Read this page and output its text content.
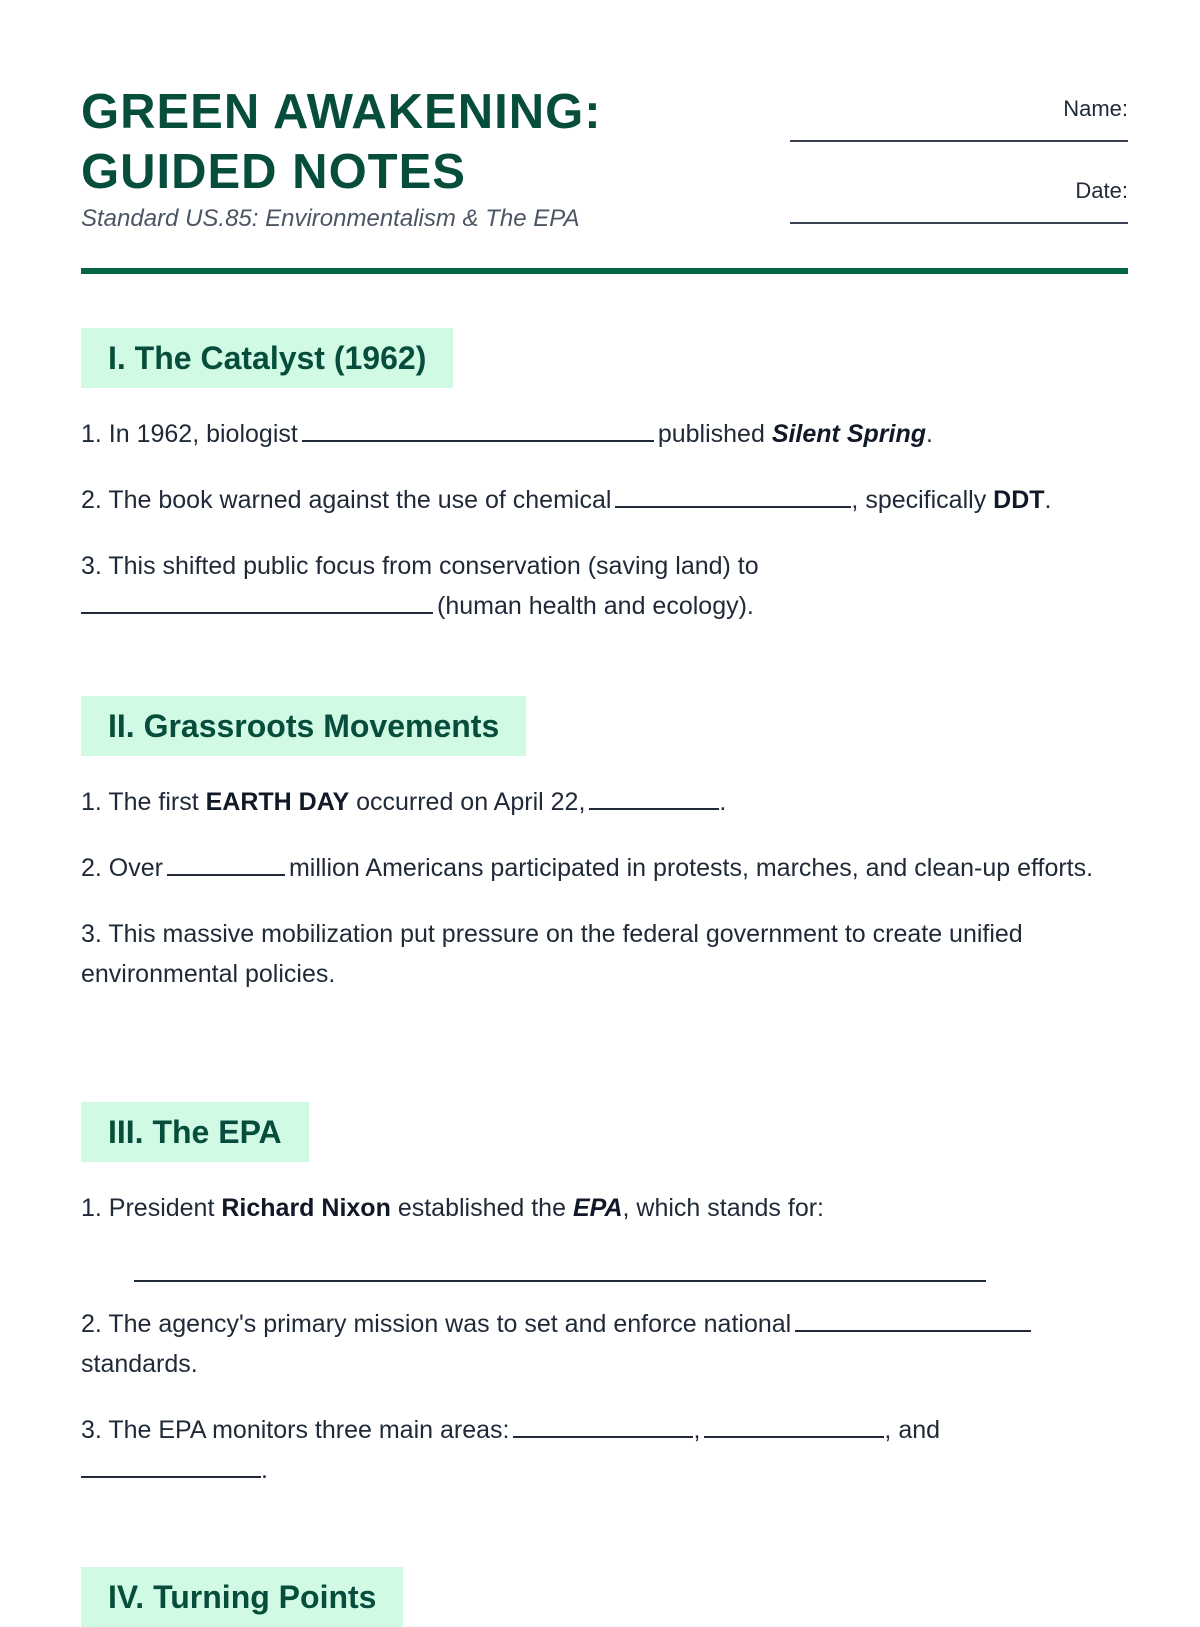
GREEN AWAKENING:
GUIDED NOTES
Standard US.85: Environmentalism & The EPA
Name:
Date:
I. The Catalyst (1962)

1. In 1962, biologist	published Silent Spring.

2. The book warned against the use of chemical	, specifically DDT.

3. This shifted public focus from conservation (saving land) to
(human health and ecology).

II. Grassroots Movements

1. The first EARTH DAY occurred on April 22,	.

2. Over	million Americans participated in protests, marches, and clean-up efforts.

3. This massive mobilization put pressure on the federal government to create unified environmental policies.

III. The EPA

1. President Richard Nixon established the EPA, which stands for:

2. The agency's primary mission was to set and enforce nationalstandards.

3. The EPA monitors three main areas:	,	, and
.

IV. Turning Points
